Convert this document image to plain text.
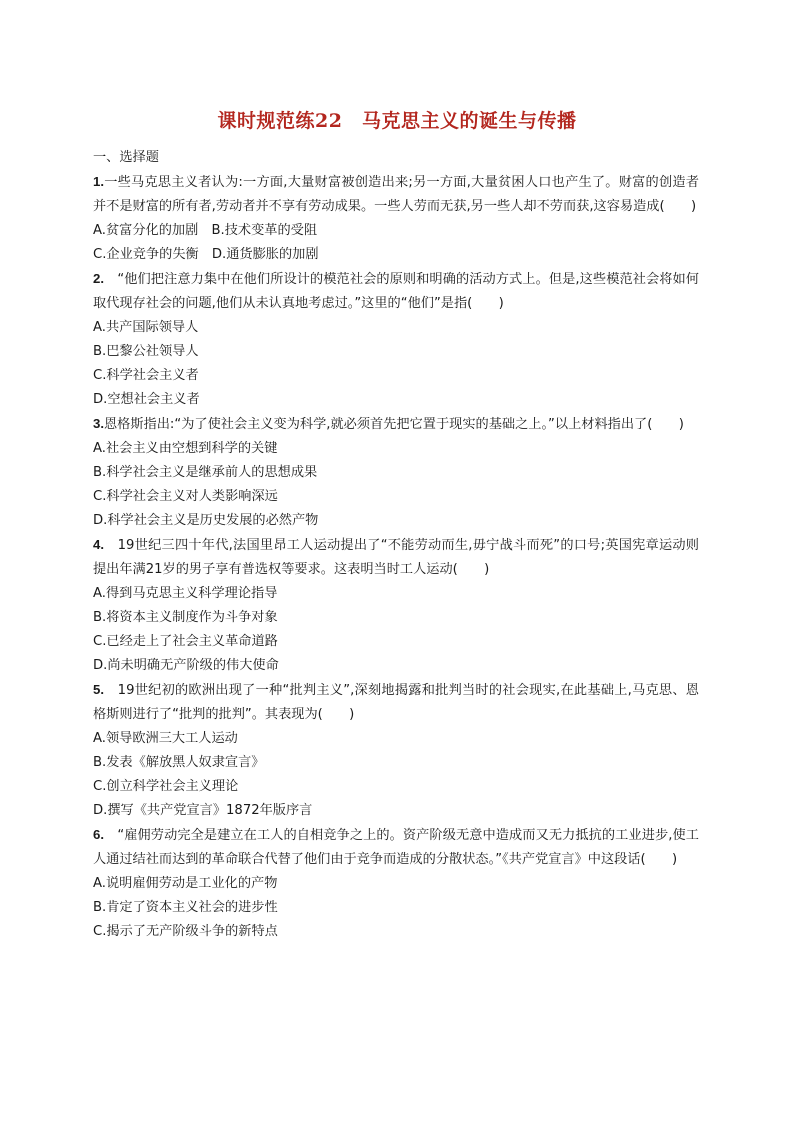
课时规范练22　马克思主义的诞生与传播

一、选择题

1.一些马克思主义者认为:一方面,大量财富被创造出来;另一方面,大量贫困人口也产生了。财富的创造者并不是财富的所有者,劳动者并不享有劳动成果。一些人劳而无获,另一些人却不劳而获,这容易造成(　　)

A.贫富分化的加剧　B.技术变革的受阻

C.企业竞争的失衡　D.通货膨胀的加剧

2.　“他们把注意力集中在他们所设计的模范社会的原则和明确的活动方式上。但是,这些模范社会将如何取代现存社会的问题,他们从未认真地考虑过。”这里的“他们”是指(　　)

A.共产国际领导人

B.巴黎公社领导人

C.科学社会主义者

D.空想社会主义者

3.恩格斯指出:“为了使社会主义变为科学,就必须首先把它置于现实的基础之上。”以上材料指出了(　　)

A.社会主义由空想到科学的关键

B.科学社会主义是继承前人的思想成果

C.科学社会主义对人类影响深远

D.科学社会主义是历史发展的必然产物

4.　19世纪三四十年代,法国里昂工人运动提出了“不能劳动而生,毋宁战斗而死”的口号;英国宪章运动则提出年满21岁的男子享有普选权等要求。这表明当时工人运动(　　)

A.得到马克思主义科学理论指导

B.将资本主义制度作为斗争对象

C.已经走上了社会主义革命道路

D.尚未明确无产阶级的伟大使命

5.　19世纪初的欧洲出现了一种“批判主义”,深刻地揭露和批判当时的社会现实,在此基础上,马克思、恩格斯则进行了“批判的批判”。其表现为(　　)

A.领导欧洲三大工人运动

B.发表《解放黑人奴隶宣言》

C.创立科学社会主义理论

D.撰写《共产党宣言》1872年版序言

6.　“雇佣劳动完全是建立在工人的自相竞争之上的。资产阶级无意中造成而又无力抵抗的工业进步,使工人通过结社而达到的革命联合代替了他们由于竞争而造成的分散状态。”《共产党宣言》中这段话(　　)

A.说明雇佣劳动是工业化的产物

B.肯定了资本主义社会的进步性

C.揭示了无产阶级斗争的新特点
